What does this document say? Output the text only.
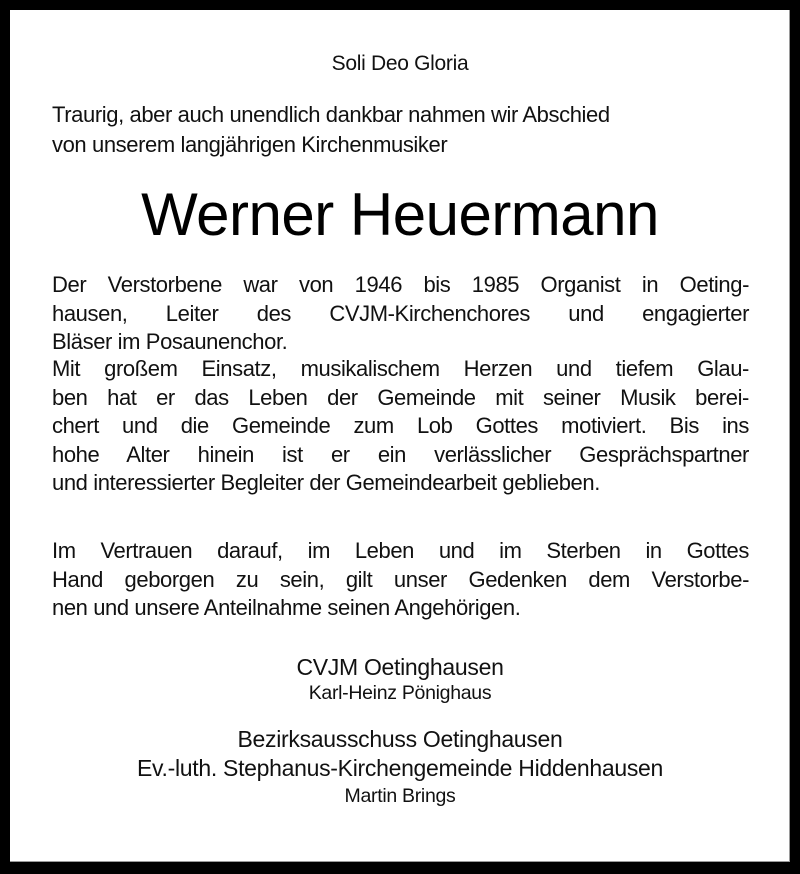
Soli Deo Gloria
Traurig, aber auch unendlich dankbar nahmen wir Abschied
von unserem langjährigen Kirchenmusiker
Werner Heuermann
Der Verstorbene war von 1946 bis 1985 Organist in Oeting-
hausen, Leiter des CVJM-Kirchenchores und engagierter
Bläser im Posaunenchor.
Mit großem Einsatz, musikalischem Herzen und tiefem Glau-
ben hat er das Leben der Gemeinde mit seiner Musik berei-
chert und die Gemeinde zum Lob Gottes motiviert. Bis ins
hohe Alter hinein ist er ein verlässlicher Gesprächspartner
und interessierter Begleiter der Gemeindearbeit geblieben.
Im Vertrauen darauf, im Leben und im Sterben in Gottes
Hand geborgen zu sein, gilt unser Gedenken dem Verstorbe-
nen und unsere Anteilnahme seinen Angehörigen.
CVJM Oetinghausen
Karl-Heinz Pönighaus
Bezirksausschuss Oetinghausen
Ev.-luth. Stephanus-Kirchengemeinde Hiddenhausen
Martin Brings
